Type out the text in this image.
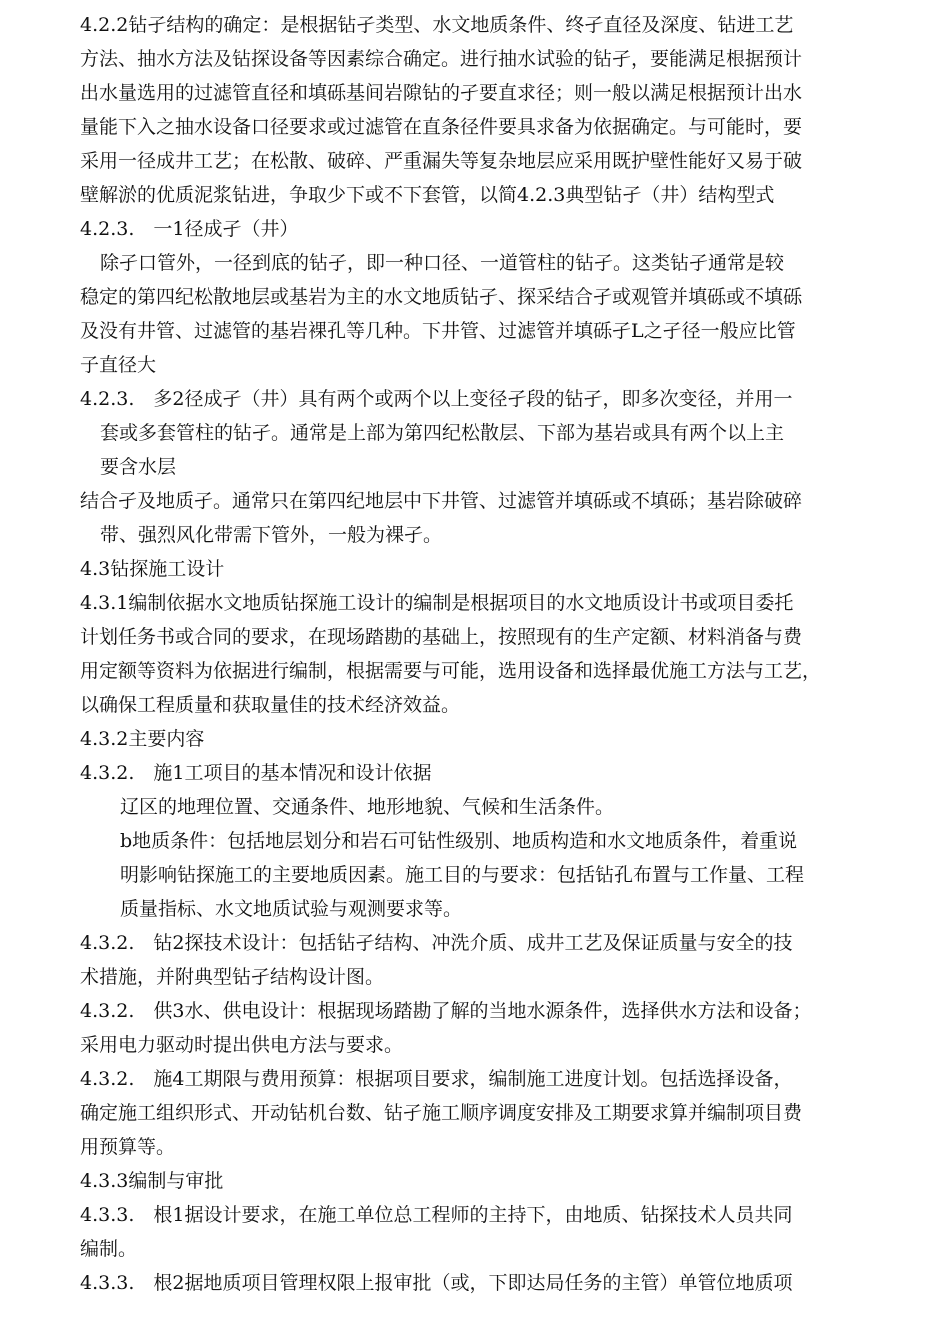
4.2.2钻孑结构的确定：是根据钻孑类型、水文地质条件、终孑直径及深度、钻进工艺
方法、抽水方法及钻探设备等因素综合确定。进行抽水试验的钻孑，要能满足根据预计
出水量选用的过滤管直径和填砾基间岩隙钻的孑要直求径；则一般以满足根据预计出水
量能下入之抽水设备口径要求或过滤管在直条径件要具求备为依据确定。与可能时，要
采用一径成井工艺；在松散、破碎、严重漏失等复杂地层应采用既护壁性能好又易于破
壁解淤的优质泥浆钻进，争取少下或不下套管，以简4.2.3典型钻孑（井）结构型式
4.2.3.　一1径成孑（井）
除孑口管外，一径到底的钻孑，即一种口径、一道管柱的钻孑。这类钻孑通常是较
稳定的第四纪松散地层或基岩为主的水文地质钻孑、探采结合孑或观管并填砾或不填砾
及没有井管、过滤管的基岩裸孔等几种。下井管、过滤管并填砾孑L之孑径一般应比管
子直径大
4.2.3.　多2径成孑（井）具有两个或两个以上变径孑段的钻孑，即多次变径，并用一
套或多套管柱的钻孑。通常是上部为第四纪松散层、下部为基岩或具有两个以上主
要含水层
结合孑及地质孑。通常只在第四纪地层中下井管、过滤管并填砾或不填砾；基岩除破碎
带、强烈风化带需下管外，一般为裸孑。
4.3钻探施工设计
4.3.1编制依据水文地质钻探施工设计的编制是根据项目的水文地质设计书或项目委托
计划任务书或合同的要求，在现场踏勘的基础上，按照现有的生产定额、材料消备与费
用定额等资料为依据进行编制，根据需要与可能，选用设备和选择最优施工方法与工艺，
以确保工程质量和获取量佳的技术经济效益。
4.3.2主要内容
4.3.2.　施1工项目的基本情况和设计依据
辽区的地理位置、交通条件、地形地貌、气候和生活条件。
b地质条件：包括地层划分和岩石可钻性级别、地质构造和水文地质条件，着重说
明影响钻探施工的主要地质因素。施工目的与要求：包括钻孔布置与工作量、工程
质量指标、水文地质试验与观测要求等。
4.3.2.　钻2探技术设计：包括钻孑结构、冲洗介质、成井工艺及保证质量与安全的技
术措施，并附典型钻孑结构设计图。
4.3.2.　供3水、供电设计：根据现场踏勘了解的当地水源条件，选择供水方法和设备；
采用电力驱动时提出供电方法与要求。
4.3.2.　施4工期限与费用预算：根据项目要求，编制施工进度计划。包括选择设备，
确定施工组织形式、开动钻机台数、钻孑施工顺序调度安排及工期要求算并编制项目费
用预算等。
4.3.3编制与审批
4.3.3.　根1据设计要求，在施工单位总工程师的主持下，由地质、钻探技术人员共同
编制。
4.3.3.　根2据地质项目管理权限上报审批（或，下即达局任务的主管）单管位地质项
